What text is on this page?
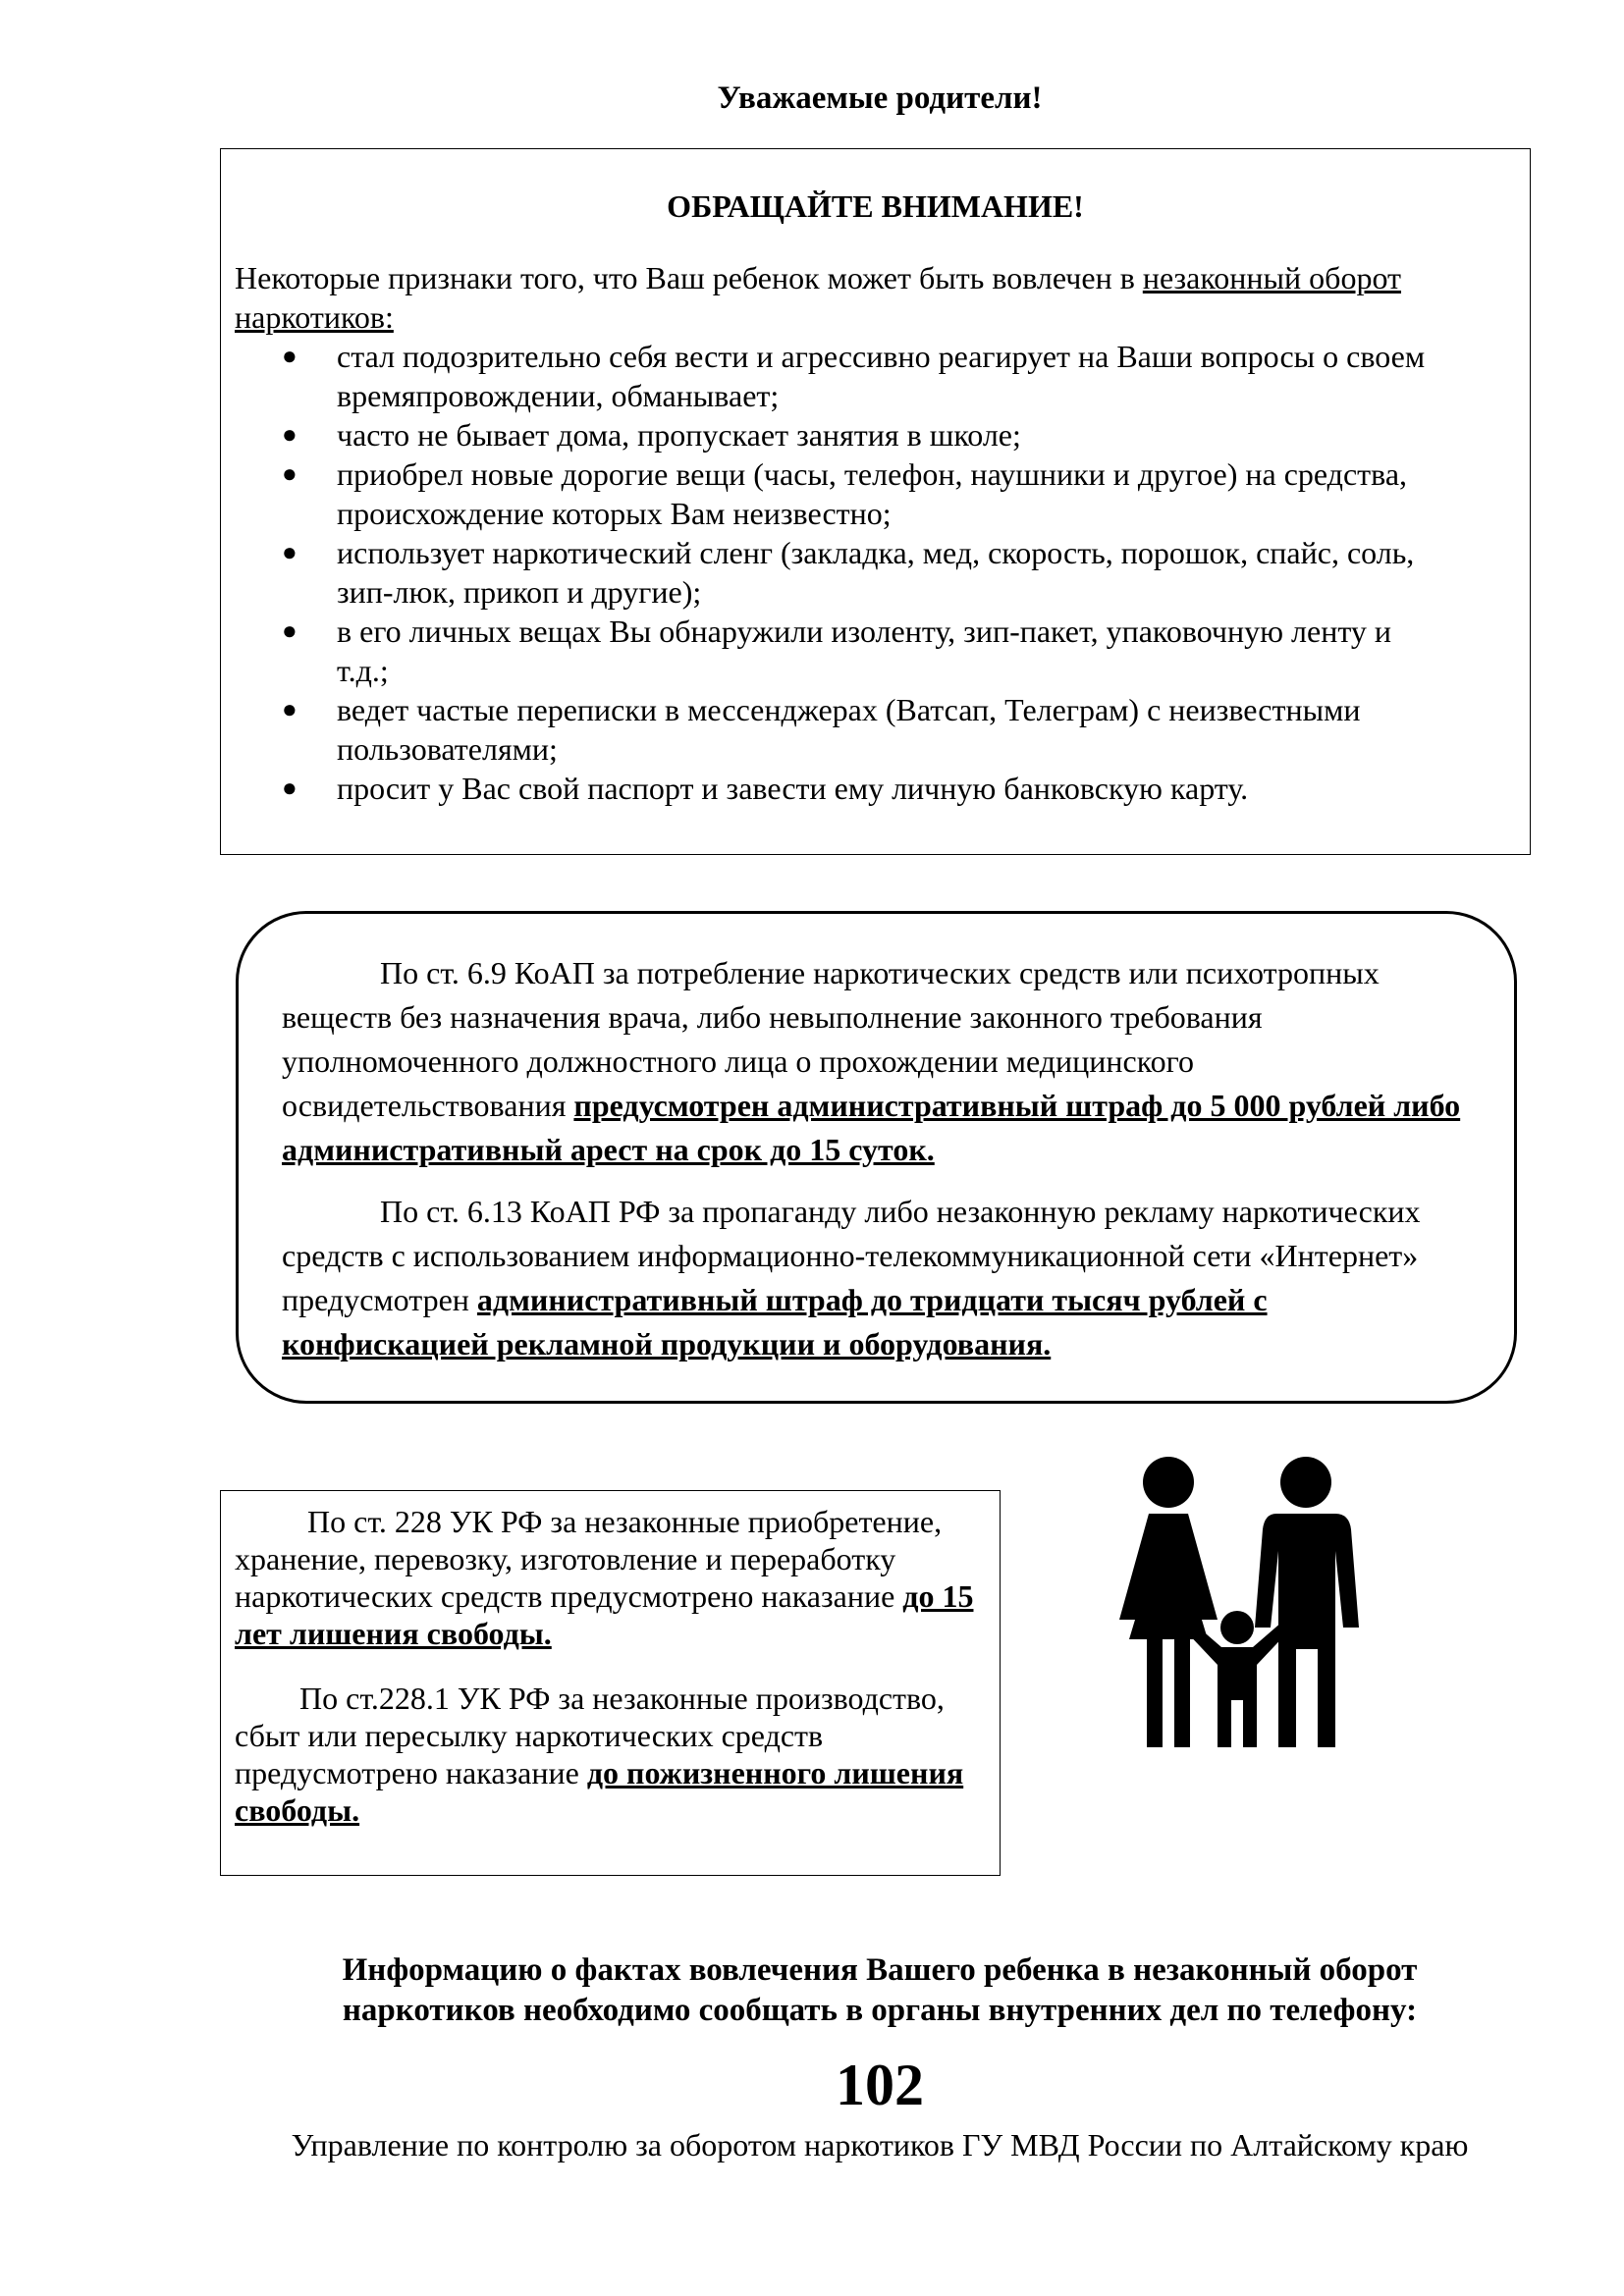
Уважаемые родители!
ОБРАЩАЙТЕ ВНИМАНИЕ!
Некоторые признаки того, что Ваш ребенок может быть вовлечен в незаконный оборот
наркотиков:
● стал подозрительно себя вести и агрессивно реагирует на Ваши вопросы о своем
времяпровождении, обманывает;
● часто не бывает дома, пропускает занятия в школе;
● приобрел новые дорогие вещи (часы, телефон, наушники и другое) на средства,
происхождение которых Вам неизвестно;
● использует наркотический сленг (закладка, мед, скорость, порошок, спайс, соль,
зип-люк, прикоп и другие);
● в его личных вещах Вы обнаружили изоленту, зип-пакет, упаковочную ленту и
т.д.;
● ведет частые переписки в мессенджерах (Ватсап, Телеграм) с неизвестными
пользователями;
● просит у Вас свой паспорт и завести ему личную банковскую карту.

По ст. 6.9 КоАП за потребление наркотических средств или психотропных веществ без назначения врача, либо невыполнение законного требования уполномоченного должностного лица о прохождении медицинского освидетельствования предусмотрен административный штраф до 5 000 рублей либо административный арест на срок до 15 суток.

По ст. 6.13 КоАП РФ за пропаганду либо незаконную рекламу наркотических средств с использованием информационно-телекоммуникационной сети «Интернет» предусмотрен административный штраф до тридцати тысяч рублей с конфискацией рекламной продукции и оборудования.

По ст. 228 УК РФ за незаконные приобретение, хранение, перевозку, изготовление и переработку наркотических средств предусмотрено наказание до 15 лет лишения свободы.

По ст.228.1 УК РФ за незаконные производство, сбыт или пересылку наркотических средств предусмотрено наказание до пожизненного лишения свободы.

Информацию о фактах вовлечения Вашего ребенка в незаконный оборот
наркотиков необходимо сообщать в органы внутренних дел по телефону:
102
Управление по контролю за оборотом наркотиков ГУ МВД России по Алтайскому краю
